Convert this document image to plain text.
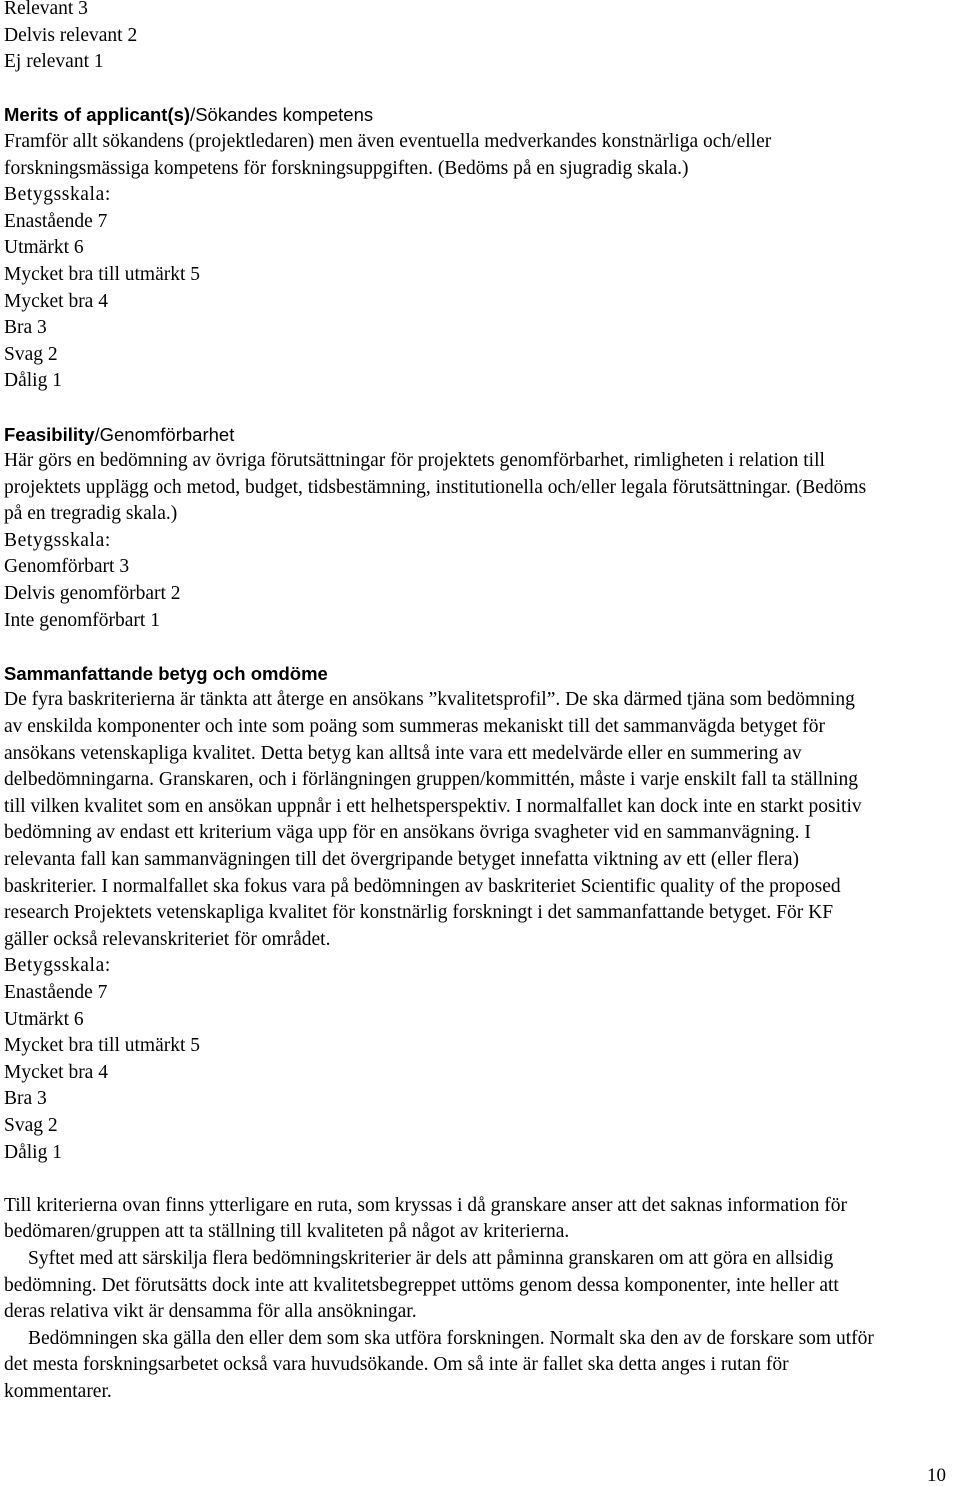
Relevant 3
Delvis relevant 2
Ej relevant 1

Merits of applicant(s)/Sökandes kompetens

Framför allt sökandens (projektledaren) men även eventuella medverkandes konstnärliga och/eller
forskningsmässiga kompetens för forskningsuppgiften. (Bedöms på en sjugradig skala.)
Betygsskala:
Enastående 7
Utmärkt 6
Mycket bra till utmärkt 5
Mycket bra 4
Bra 3
Svag 2
Dålig 1

Feasibility/Genomförbarhet

Här görs en bedömning av övriga förutsättningar för projektets genomförbarhet, rimligheten i relation till
projektets upplägg och metod, budget, tidsbestämning, institutionella och/eller legala förutsättningar. (Bedöms
på en tregradig skala.)
Betygsskala:
Genomförbart 3
Delvis genomförbart 2
Inte genomförbart 1

Sammanfattande betyg och omdöme

De fyra baskriterierna är tänkta att återge en ansökans ”kvalitetsprofil”. De ska därmed tjäna som bedömning
av enskilda komponenter och inte som poäng som summeras mekaniskt till det sammanvägda betyget för
ansökans vetenskapliga kvalitet. Detta betyg kan alltså inte vara ett medelvärde eller en summering av
delbedömningarna. Granskaren, och i förlängningen gruppen/kommittén, måste i varje enskilt fall ta ställning
till vilken kvalitet som en ansökan uppnår i ett helhetsperspektiv. I normalfallet kan dock inte en starkt positiv
bedömning av endast ett kriterium väga upp för en ansökans övriga svagheter vid en sammanvägning. I
relevanta fall kan sammanvägningen till det övergripande betyget innefatta viktning av ett (eller flera)
baskriterier. I normalfallet ska fokus vara på bedömningen av baskriteriet Scientific quality of the proposed
research Projektets vetenskapliga kvalitet för konstnärlig forskningt i det sammanfattande betyget. För KF
gäller också relevanskriteriet för området.
Betygsskala:
Enastående 7
Utmärkt 6
Mycket bra till utmärkt 5
Mycket bra 4
Bra 3
Svag 2
Dålig 1
Till kriterierna ovan finns ytterligare en ruta, som kryssas i då granskare anser att det saknas information för
bedömaren/gruppen att ta ställning till kvaliteten på något av kriterierna.
Syftet med att särskilja flera bedömningskriterier är dels att påminna granskaren om att göra en allsidig
bedömning. Det förutsätts dock inte att kvalitetsbegreppet uttöms genom dessa komponenter, inte heller att
deras relativa vikt är densamma för alla ansökningar.
Bedömningen ska gälla den eller dem som ska utföra forskningen. Normalt ska den av de forskare som utför
det mesta forskningsarbetet också vara huvudsökande. Om så inte är fallet ska detta anges i rutan för
kommentarer.
10
